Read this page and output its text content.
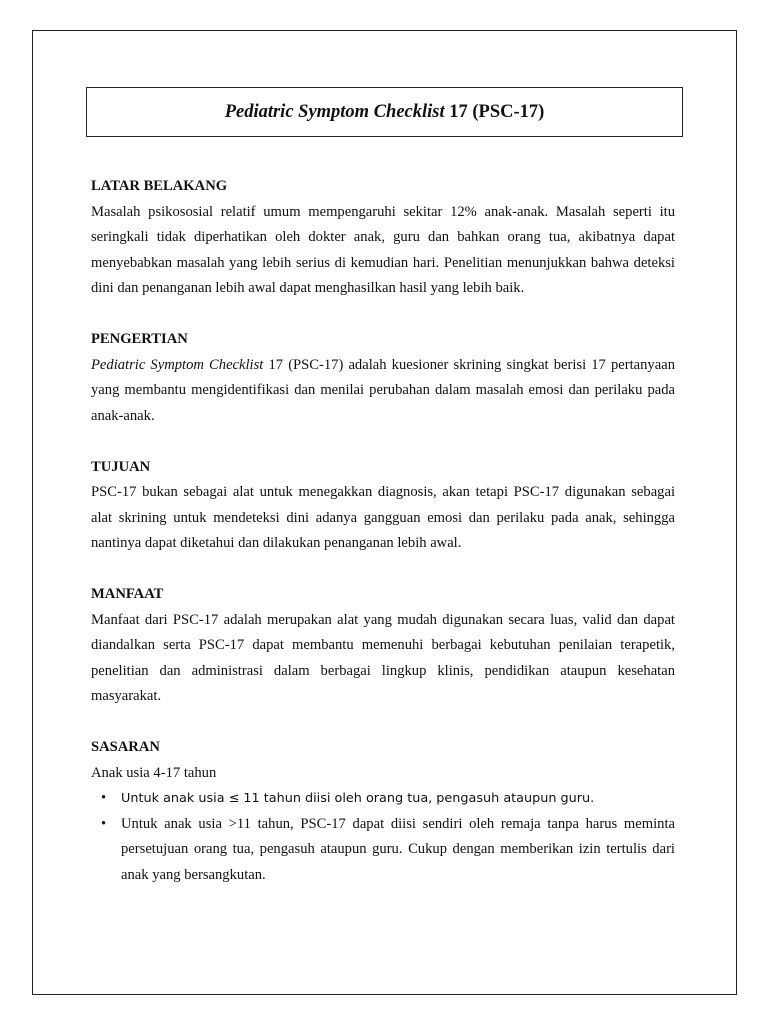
Pediatric Symptom Checklist 17 (PSC-17)
LATAR BELAKANG

Masalah psikososial relatif umum mempengaruhi sekitar 12% anak-anak. Masalah seperti itu seringkali tidak diperhatikan oleh dokter anak, guru dan bahkan orang tua, akibatnya dapat menyebabkan masalah yang lebih serius di kemudian hari. Penelitian menunjukkan bahwa deteksi dini dan penanganan lebih awal dapat menghasilkan hasil yang lebih baik.

PENGERTIAN

Pediatric Symptom Checklist 17 (PSC-17) adalah kuesioner skrining singkat berisi 17 pertanyaan yang membantu mengidentifikasi dan menilai perubahan dalam masalah emosi dan perilaku pada anak-anak.

TUJUAN

PSC-17 bukan sebagai alat untuk menegakkan diagnosis, akan tetapi PSC-17 digunakan sebagai alat skrining untuk mendeteksi dini adanya gangguan emosi dan perilaku pada anak, sehingga nantinya dapat diketahui dan dilakukan penanganan lebih awal.

MANFAAT

Manfaat dari PSC-17 adalah merupakan alat yang mudah digunakan secara luas, valid dan dapat diandalkan serta PSC-17 dapat membantu memenuhi berbagai kebutuhan penilaian terapetik, penelitian dan administrasi dalam berbagai lingkup klinis, pendidikan ataupun kesehatan masyarakat.

SASARAN

Anak usia 4-17 tahun

• Untuk anak usia ≤ 11 tahun diisi oleh orang tua, pengasuh ataupun guru.
• Untuk anak usia >11 tahun, PSC-17 dapat diisi sendiri oleh remaja tanpa harus meminta persetujuan orang tua, pengasuh ataupun guru. Cukup dengan memberikan izin tertulis dari anak yang bersangkutan.
